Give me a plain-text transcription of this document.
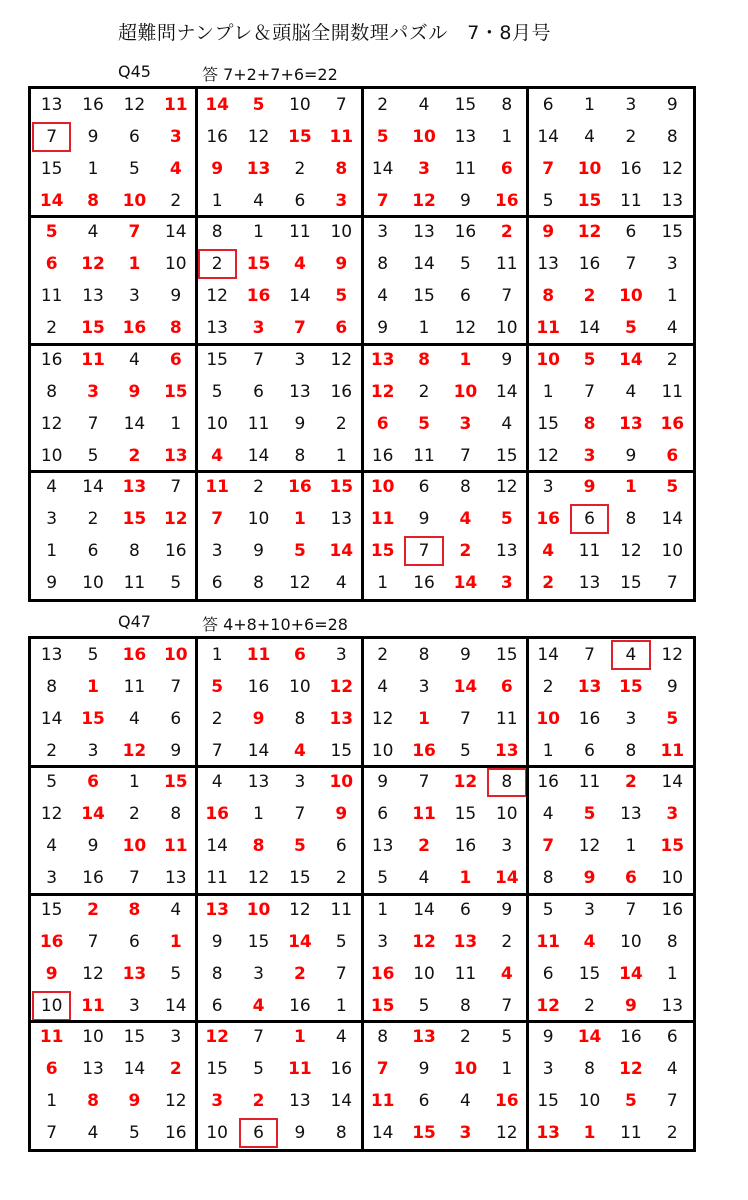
超難問ナンプレ＆頭脳全開数理パズル　7・8月号
Q45	答 7+2+7+6=22
13	16	12	11	14	5	10	7	2	4	15	8	6	1	3	9
7	9	6	3	16	12	15	11	5	10	13	1	14	4	2	8
15	1	5	4	9	13	2	8	14	3	11	6	7	10	16	12
14	8	10	2	1	4	6	3	7	12	9	16	5	15	11	13
5	4	7	14	8	1	11	10	3	13	16	2	9	12	6	15
6	12	1	10	2	15	4	9	8	14	5	11	13	16	7	3
11	13	3	9	12	16	14	5	4	15	6	7	8	2	10	1
2	15	16	8	13	3	7	6	9	1	12	10	11	14	5	4
16	11	4	6	15	7	3	12	13	8	1	9	10	5	14	2
8	3	9	15	5	6	13	16	12	2	10	14	1	7	4	11
12	7	14	1	10	11	9	2	6	5	3	4	15	8	13	16
10	5	2	13	4	14	8	1	16	11	7	15	12	3	9	6
4	14	13	7	11	2	16	15	10	6	8	12	3	9	1	5
3	2	15	12	7	10	1	13	11	9	4	5	16	6	8	14
1	6	8	16	3	9	5	14	15	7	2	13	4	11	12	10
9	10	11	5	6	8	12	4	1	16	14	3	2	13	15	7
Q47	答 4+8+10+6=28
13	5	16	10	1	11	6	3	2	8	9	15	14	7	4	12
8	1	11	7	5	16	10	12	4	3	14	6	2	13	15	9
14	15	4	6	2	9	8	13	12	1	7	11	10	16	3	5
2	3	12	9	7	14	4	15	10	16	5	13	1	6	8	11
5	6	1	15	4	13	3	10	9	7	12	8	16	11	2	14
12	14	2	8	16	1	7	9	6	11	15	10	4	5	13	3
4	9	10	11	14	8	5	6	13	2	16	3	7	12	1	15
3	16	7	13	11	12	15	2	5	4	1	14	8	9	6	10
15	2	8	4	13	10	12	11	1	14	6	9	5	3	7	16
16	7	6	1	9	15	14	5	3	12	13	2	11	4	10	8
9	12	13	5	8	3	2	7	16	10	11	4	6	15	14	1
10	11	3	14	6	4	16	1	15	5	8	7	12	2	9	13
11	10	15	3	12	7	1	4	8	13	2	5	9	14	16	6
6	13	14	2	15	5	11	16	7	9	10	1	3	8	12	4
1	8	9	12	3	2	13	14	11	6	4	16	15	10	5	7
7	4	5	16	10	6	9	8	14	15	3	12	13	1	11	2
